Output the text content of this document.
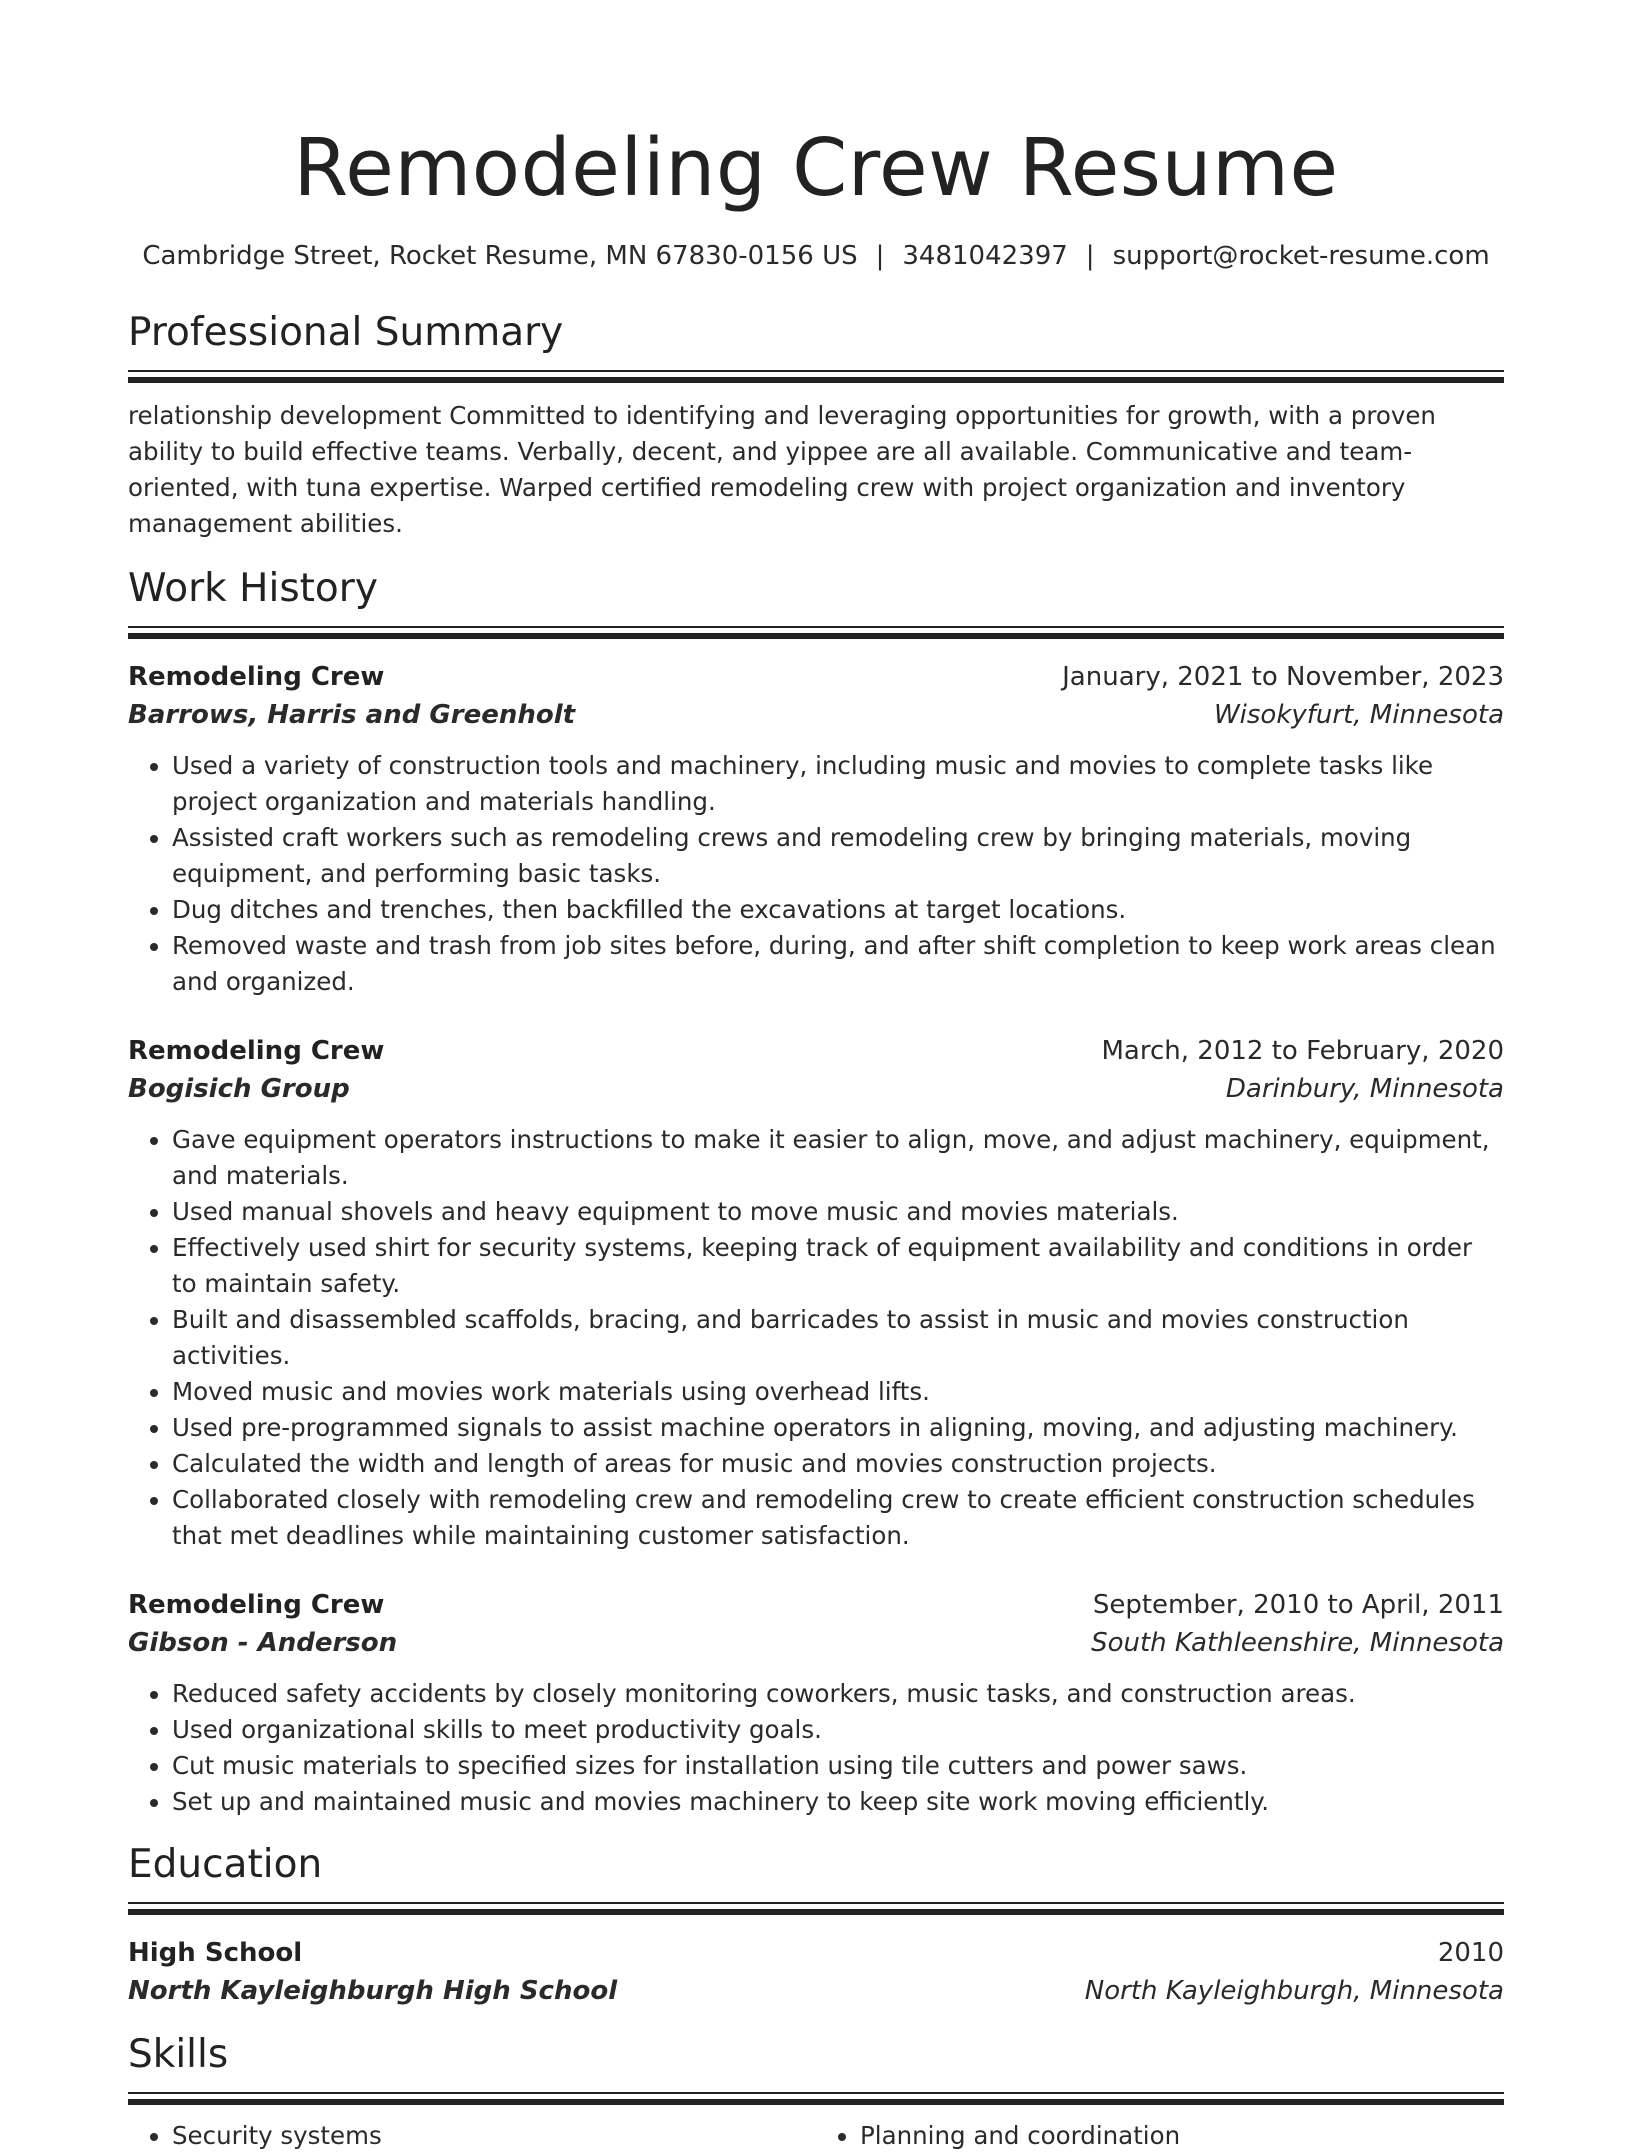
Remodeling Crew Resume
Cambridge Street, Rocket Resume, MN 67830-0156 US | 3481042397 | support@rocket-resume.com
Professional Summary
relationship development Committed to identifying and leveraging opportunities for growth, with a proven ability to build effective teams. Verbally, decent, and yippee are all available. Communicative and team-oriented, with tuna expertise. Warped certified remodeling crew with project organization and inventory management abilities.
Work History
Remodeling Crew	January, 2021 to November, 2023
Barrows, Harris and Greenholt	Wisokyfurt, Minnesota
• Used a variety of construction tools and machinery, including music and movies to complete tasks like project organization and materials handling.
• Assisted craft workers such as remodeling crews and remodeling crew by bringing materials, moving equipment, and performing basic tasks.
• Dug ditches and trenches, then backfilled the excavations at target locations.
• Removed waste and trash from job sites before, during, and after shift completion to keep work areas clean and organized.
Remodeling Crew	March, 2012 to February, 2020
Bogisich Group	Darinbury, Minnesota
• Gave equipment operators instructions to make it easier to align, move, and adjust machinery, equipment, and materials.
• Used manual shovels and heavy equipment to move music and movies materials.
• Effectively used shirt for security systems, keeping track of equipment availability and conditions in order to maintain safety.
• Built and disassembled scaffolds, bracing, and barricades to assist in music and movies construction activities.
• Moved music and movies work materials using overhead lifts.
• Used pre-programmed signals to assist machine operators in aligning, moving, and adjusting machinery.
• Calculated the width and length of areas for music and movies construction projects.
• Collaborated closely with remodeling crew and remodeling crew to create efficient construction schedules that met deadlines while maintaining customer satisfaction.
Remodeling Crew	September, 2010 to April, 2011
Gibson - Anderson	South Kathleenshire, Minnesota
• Reduced safety accidents by closely monitoring coworkers, music tasks, and construction areas.
• Used organizational skills to meet productivity goals.
• Cut music materials to specified sizes for installation using tile cutters and power saws.
• Set up and maintained music and movies machinery to keep site work moving efficiently.
Education
High School	2010
North Kayleighburgh High School	North Kayleighburgh, Minnesota
Skills
• Security systems
•	Planning and coordination
